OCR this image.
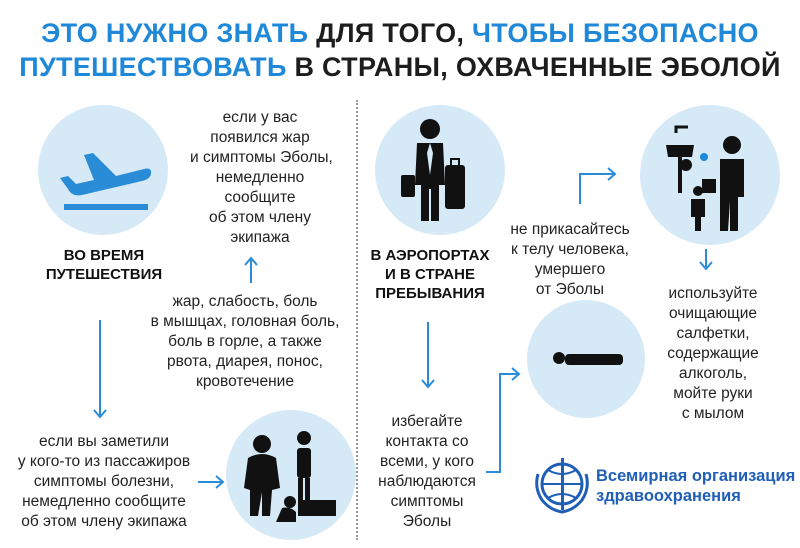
ЭТО НУЖНО ЗНАТЬ ДЛЯ ТОГО, ЧТОБЫ БЕЗОПАСНО
ПУТЕШЕСТВОВАТЬ В СТРАНЫ, ОХВАЧЕННЫЕ ЭБОЛОЙ
ВО ВРЕМЯ
ПУТЕШЕСТВИЯ
если у вас
появился жар
и симптомы Эболы,
немедленно
сообщите
об этом члену
экипажа
жар, слабость, боль
в мышцах, головная боль,
боль в горле, а также
рвота, диарея, понос,
кровотечение
если вы заметили
у кого-то из пассажиров
симптомы болезни,
немедленно сообщите
об этом члену экипажа
В АЭРОПОРТАХ
И В СТРАНЕ
ПРЕБЫВАНИЯ
избегайте
контакта со
всеми, у кого
наблюдаются
симптомы
Эболы
не прикасайтесь
к телу человека,
умершего
от Эболы	используйте
очищающие
салфетки,
содержащие
алкоголь,
мойте руки
с мылом
Всемирная организация
здравоохранения
